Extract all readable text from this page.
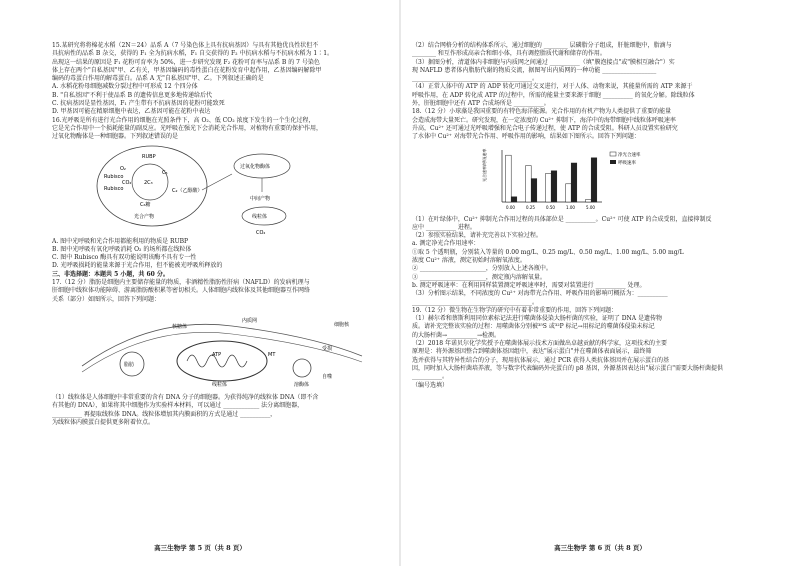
15.某研究将将棉花水稻（2N＝24）品系 A（7 号染色体上具有抗病基因）与具有其他优良性状但不

具抗病性的品系 B 杂交，获得的 F₁ 全为抗病水稻，F₁ 自交获得的 F₂ 中抗病水稻与不抗病水稻为 1∶1。

出现这一结果的原因是 F₁ 花粉可育率为 50%，进一步研究发现 F₂ 花粉可育率与品系 B 的 7 号染色

体上存在两个"自私基因"甲、乙有关，甲基因编码的毒性蛋白在花粉发育中起作用，乙基因编码解除甲

编码的毒蛋白作用的解毒蛋白。品系 A 无"自私基因"甲、乙。下列叙述正确的是

A. 水稻花粉母细胞减数分裂过程中可形成 12 个四分体

B. "自私基因"不利于使品系 B 的遗传信息更多地传递给后代

C. 抗病基因是显性基因，F₁ 产生带有不抗病基因的花粉可能致死

D. 甲基因可能在精原细胞中表达，乙基因可能在花粉中表达

16.光呼吸是所有进行光合作用的细胞在光照条件下，高 O₂、低 CO₂ 浓度下发生的一个生化过程，

它是光合作用中一个损耗能量的副反应。光呼吸在强光下会消耗光合作用，对植物有重要的保护作用，

过氧化物酶体是一种细胞器。下列叙述错误的是

RUBP
O₂
Rubisco
Rubisco
CO₂	2C₃
C₅
C₂（乙醇酸）
C₆糖
光合产物
过氧化物酶体
中间产物
线粒体
CO₂

A. 图中光呼吸和光合作用都能利用的物质是 RUBP

B. 图中光呼吸有氧化呼吸消耗 O₂ 的场所都在线粒体

C. 图中 Rubisco 酶具有双功能说明该酶不具有专一性

D. 光呼吸损耗的能量来源于光合作用，但不能被光呼吸所释放的

三、非选择题：本题共 5 小题，共 60 分。

17.（12 分）脂肪是细胞内主要储存能量的物质，非酒精性脂肪性肝病（NAFLD）的发病机理与

肝细胞中线粒体功能障碍、游离脂肪酸积累等密切相关。人体细胞内线粒体及其他细胞器互作网络

关系（部分）如图所示，回答下列问题：

脂肪
核糖体
内质网
线粒体
细胞核
溶酶体
MT
ATP
受损
自噬

（1）线粒体是人体细胞中非常重要的含有 DNA 分子的细胞器。为获得纯净的线粒体 DNA（即不含

有其他的 DNA），如果将其中细胞作为实验样本材料，可以通过 ____________ 法分离细胞器，

__________ 再提取线粒体 DNA。线粒体增加其内膜面积的方式是通过 __________，

为线粒体内膜蛋白提供更多附着位点。

高三生物学 第 5 页（共 8 页）

（2）结合网格分析的结构体系所示，通过细胞的 ________ 层磷脂分子组成，肝脏细胞中，脂滴与

________ 和互作形成高亲合和细小体，具有调控脂质代谢和储存的作用。

（3）据图分析，清道体内非细胞与内质网之间通过 __________（填"膜泡接点"或"膜相互融合"）实

现 NAFLD 患者体内脂肪代谢的物质交流，据图写出内质网的一种功能 __________________

________________________________________。

（4）正常人体中的 ATP 的 ADP 转化可通过交叉进行，对于人体、动物来说，其能量所需的 ATP 来源于

呼吸作用，在 ADP 转化成 ATP 的过程中，所需的能量主要来源于细胞 __________ 的氧化分解。除线粒体

外，肝脏细胞中还有 ATP 合成场所是 __________。

18.（12 分）小球藻是我国重要的有特色海洋能源。光合作用的有机产物为人类提供了重要的能量

会造成海带大量死亡。研究发现，在一定浓度的 Cu²⁺ 抑制下，海洋中的海带细胞中线粒体呼吸速率

升高，Cu²⁺ 还可通过光呼吸增强和光合电子传递过程，使 ATP 的合成受阻。科研人员设置实验研究

了水体中 Cu²⁺ 对海带光合作用、呼吸作用的影响，结果如下图所示。回答下列问题：

光合速率/呼吸速率
0.00	0.25	0.50	1.00	5.00
净光合速率
呼吸速率

（1）在叶绿体中，Cu²⁺ 抑制光合作用过程的具体部位是 __________。Cu²⁺ 可使 ATP 的合成受阻，直接抑制反

应中 __________ 进程。

（2）参照实验结果，请补充完善以下实验过程。

a. 测定净光合作用速率：

①取 5 个透明瓶，分别装入等量的 0.00 mg/L、0.25 mg/L、0.50 mg/L、1.00 mg/L、5.00 mg/L

浓度 Cu²⁺ 溶液，测定初始时溶解氧浓度。

② ______________________，分别放入上述各瓶中。

③ ______________________，测定瓶内溶解氧量。

b. 测定呼吸速率：在利用同样装置测定呼吸速率时，需要对装置进行 __________ 处理。

（3）分析图示结果，不同浓度的 Cu²⁺ 对海带光合作用、呼吸作用的影响可概括为：__________

________________________________________。

19.（12 分）微生物在生物学的研究中有着非常重要的作用，回答下列问题：

（1）赫尔希和蔡斯利用同位素标记法进行噬菌体侵染大肠杆菌的实验，证明了 DNA 是遗传物

质。请补充完整该实验的过程：用噬菌体分别被³⁵S 或³²P 标记→用标记的噬菌体侵染未标记

的大肠杆菌→__________→检测。

（2）2018 年诺贝尔化学奖授予在噬菌体展示技术方面做出卓越贡献的科学家，这项技术的主要

原理是：将外源基因整合到噬菌体基因组中，表达"展示蛋白"并在噬菌体表面展示，最终筛

选并获得与其特异性结合的分子，现用抗体展示，通过 PCR 获得人类抗体基因并在展示蛋白的基

因，同时加入大肠杆菌培养液，等与数字代表编码外壳蛋白的 p8 基因，外源基因表达出"展示蛋白"需要大肠杆菌提供__________。

（编号选填）

高三生物学 第 6 页（共 8 页）
